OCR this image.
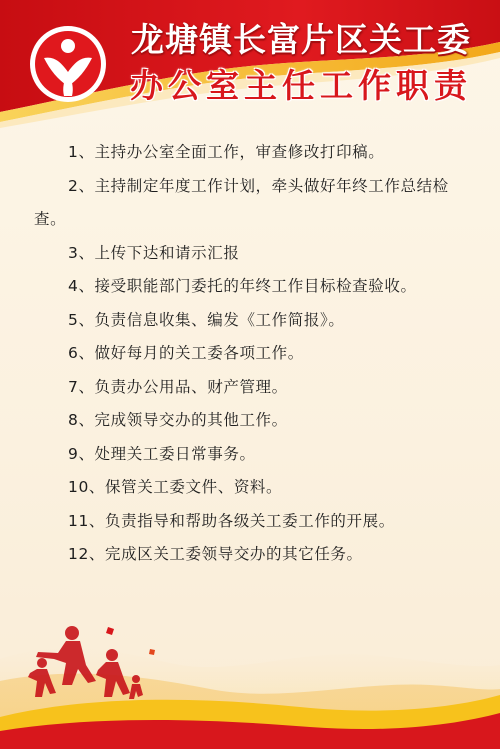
龙塘镇长富片区关工委
办公室主任工作职责
1、主持办公室全面工作，审查修改打印稿。
2、主持制定年度工作计划，牵头做好年终工作总结检查。
3、上传下达和请示汇报
4、接受职能部门委托的年终工作目标检查验收。
5、负责信息收集、编发《工作简报》。
6、做好每月的关工委各项工作。
7、负责办公用品、财产管理。
8、完成领导交办的其他工作。
9、处理关工委日常事务。
10、保管关工委文件、资料。
11、负责指导和帮助各级关工委工作的开展。
12、完成区关工委领导交办的其它任务。
